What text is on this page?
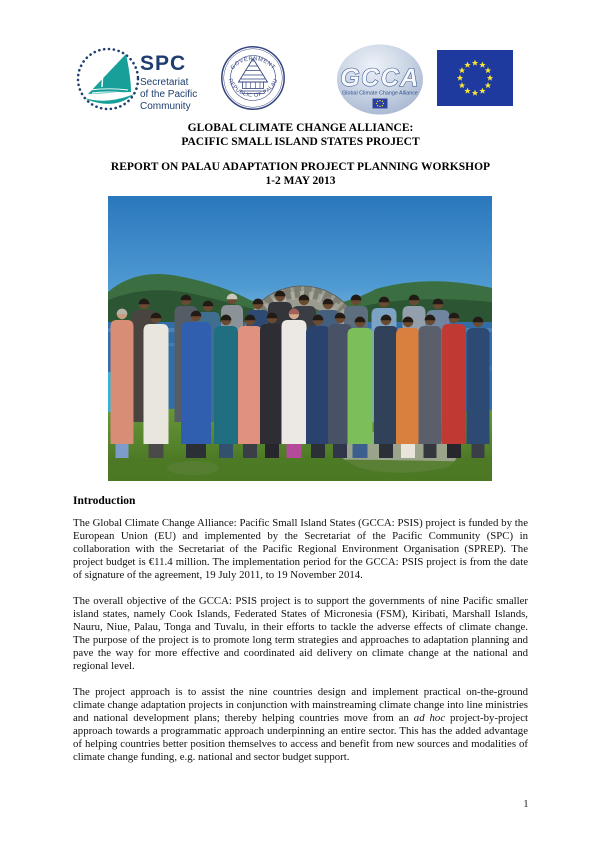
SPC
Secretariat
of the Pacific
Community
GOVERNMENT
REPUBLIC OF PALAU GCCA
Global Climate Change Alliance
GLOBAL CLIMATE CHANGE ALLIANCE:
PACIFIC SMALL ISLAND STATES PROJECT
REPORT ON PALAU ADAPTATION PROJECT PLANNING WORKSHOP
1-2 MAY 2013
Introduction

The Global Climate Change Alliance: Pacific Small Island States (GCCA: PSIS) project is funded by the European Union (EU) and implemented by the Secretariat of the Pacific Community (SPC) in collaboration with the Secretariat of the Pacific Regional Environment Organisation (SPREP). The project budget is €11.4 million. The implementation period for the GCCA: PSIS project is from the date of signature of the agreement, 19 July 2011, to 19 November 2014.

The overall objective of the GCCA: PSIS project is to support the governments of nine Pacific smaller island states, namely Cook Islands, Federated States of Micronesia (FSM), Kiribati, Marshall Islands, Nauru, Niue, Palau, Tonga and Tuvalu, in their efforts to tackle the adverse effects of climate change. The purpose of the project is to promote long term strategies and approaches to adaptation planning and pave the way for more effective and coordinated aid delivery on climate change at the national and regional level.

The project approach is to assist the nine countries design and implement practical on-the-ground climate change adaptation projects in conjunction with mainstreaming climate change into line ministries and national development plans; thereby helping countries move from an ad hoc project-by-project approach towards a programmatic approach underpinning an entire sector. This has the added advantage of helping countries better position themselves to access and benefit from new sources and modalities of climate change funding, e.g. national and sector budget support.

1
